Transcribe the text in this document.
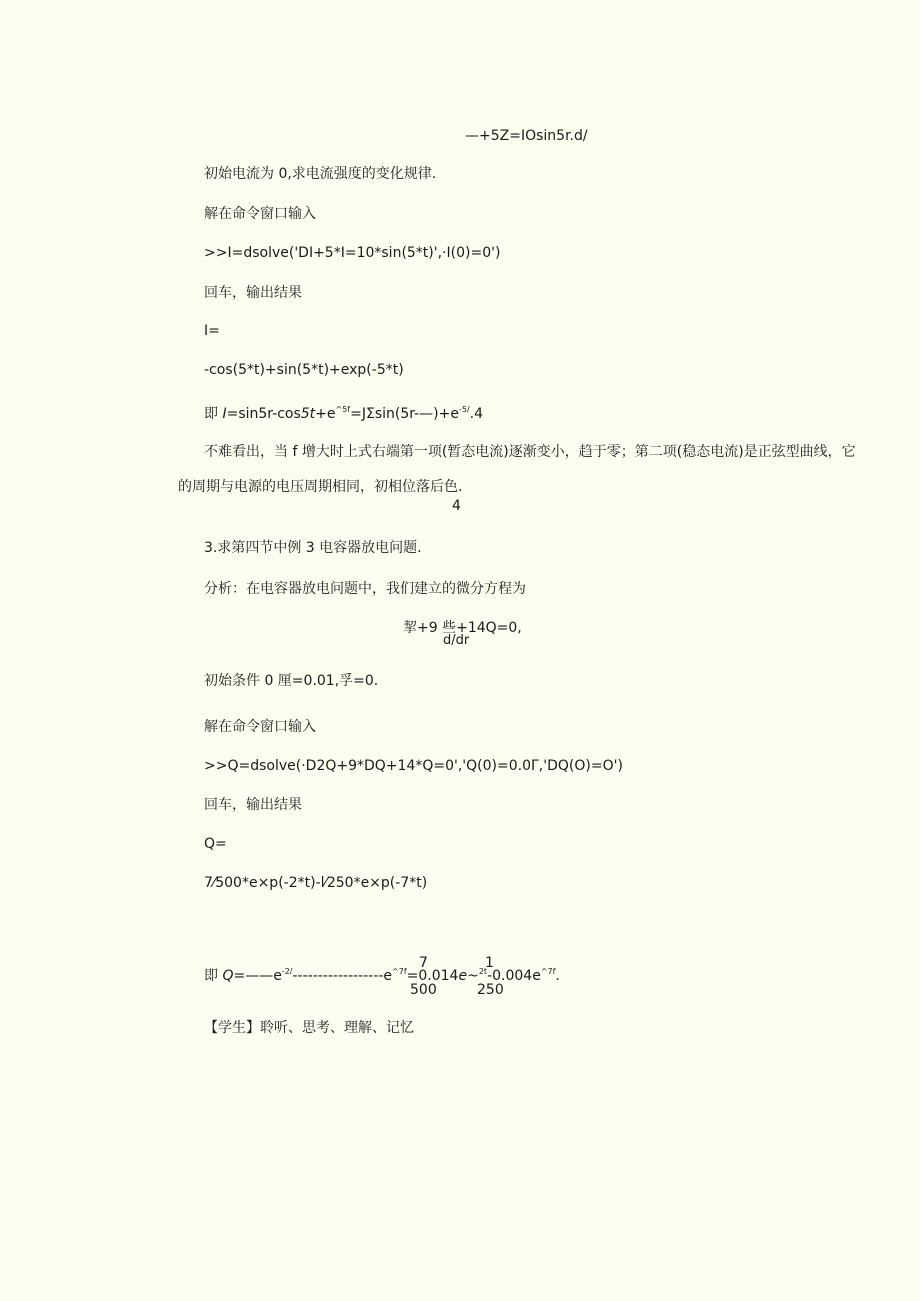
—+5Z=IOsin5r.d/
初始电流为 0,求电流强度的变化规律.
解在命令窗口输入
>>I=dsolve('DI+5*I=10*sin(5*t)',·I(0)=0')
回车，输出结果
I=
-cos(5*t)+sin(5*t)+exp(-5*t)
即 $I=\sin 5r-\cos 5t+e^{\^{}5f}=J\Sigma\sin(5r-—)+e^{-5/}.4$
不难看出，当 f 增大时上式右端第一项(暂态电流)逐渐变小，趋于零；第二项(稳态电流)是正弦型曲线，它
的周期与电源的电压周期相同，初相位落后色.
4
3.求第四节中例 3 电容器放电问题.
分析：在电容器放电问题中，我们建立的微分方程为
挈+9 些+14Q=0,
d/dr
初始条件 0 厘=0.01,孚=0.
解在命令窗口输入
>>Q=dsolve(·D2Q+9*DQ+14*Q=0','Q(0)=0.0Γ,'DQ(O)=O')
回车，输出结果
Q=
7⁄500*e×p(-2*t)-l⁄250*e×p(-7*t)
7	1
即 $Q=——e^{-2/}------------------e^{\^{}7f}=0.014e\sim^{2t}-0.004e^{\^{}7f}$.
500	250
【学生】聆听、思考、理解、记忆
